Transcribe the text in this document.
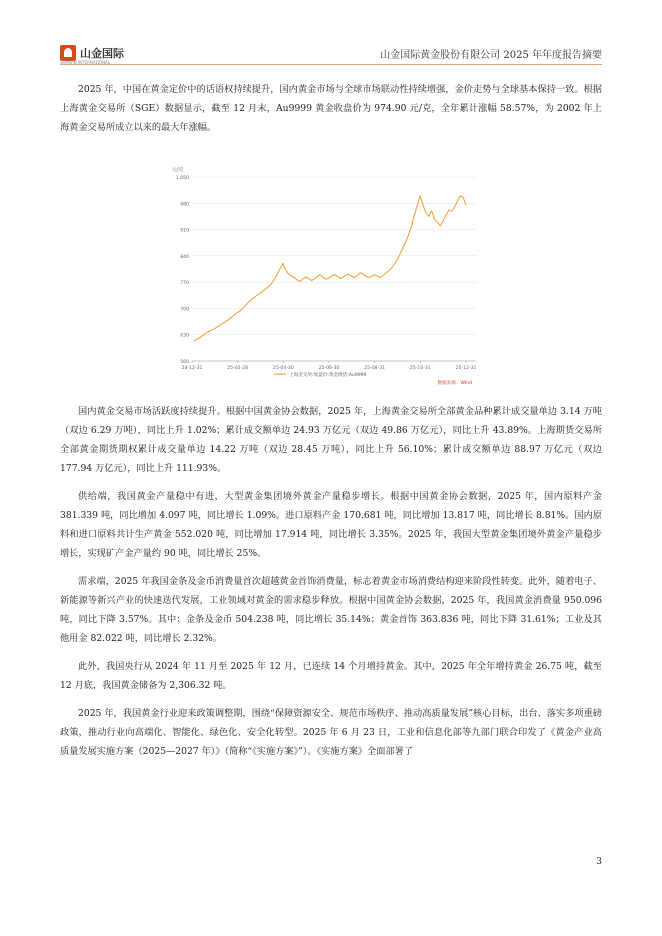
山金国际
SHANJIN INTERNATIONAL
山金国际黄金股份有限公司 2025 年年度报告摘要

2025 年，中国在黄金定价中的话语权持续提升，国内黄金市场与全球市场联动性持续增强，金价走势与全球基本保持一致。根据上海黄金交易所（SGE）数据显示，截至 12 月末，Au9999 黄金收盘价为 974.90 元/克，全年累计涨幅 58.57%，为 2002 年上海黄金交易所成立以来的最大年涨幅。

元/克
1,050
980
910
840
770
700
630
560
24-12-31	25-02-28	25-04-30	25-06-30	25-08-31	25-10-31	25-12-31
上海金交所:收盘价:黄金现货:Au9999
数据来源：Wind

国内黄金交易市场活跃度持续提升。根据中国黄金协会数据，2025 年，上海黄金交易所全部黄金品种累计成交量单边 3.14 万吨（双边 6.29 万吨），同比上升 1.02%；累计成交额单边 24.93 万亿元（双边 49.86 万亿元），同比上升 43.89%。上海期货交易所全部黄金期货期权累计成交量单边 14.22 万吨（双边 28.45 万吨），同比上升 56.10%；累计成交额单边 88.97 万亿元（双边 177.94 万亿元），同比上升 111.93%。

供给端，我国黄金产量稳中有进，大型黄金集团境外黄金产量稳步增长。根据中国黄金协会数据，2025 年，国内原料产金 381.339 吨，同比增加 4.097 吨，同比增长 1.09%。进口原料产金 170.681 吨，同比增加 13.817 吨，同比增长 8.81%。国内原料和进口原料共计生产黄金 552.020 吨，同比增加 17.914 吨，同比增长 3.35%。2025 年，我国大型黄金集团境外黄金产量稳步增长，实现矿产金产量约 90 吨，同比增长 25%。

需求端，2025 年我国金条及金币消费量首次超越黄金首饰消费量，标志着黄金市场消费结构迎来阶段性转变。此外，随着电子、新能源等新兴产业的快速迭代发展，工业领域对黄金的需求稳步释放。根据中国黄金协会数据，2025 年，我国黄金消费量 950.096 吨，同比下降 3.57%。其中：金条及金币 504.238 吨，同比增长 35.14%；黄金首饰 363.836 吨，同比下降 31.61%；工业及其他用金 82.022 吨，同比增长 2.32%。

此外，我国央行从 2024 年 11 月至 2025 年 12 月，已连续 14 个月增持黄金。其中，2025 年全年增持黄金 26.75 吨，截至 12 月底，我国黄金储备为 2,306.32 吨。

2025 年，我国黄金行业迎来政策调整期，围绕“保障资源安全、规范市场秩序、推动高质量发展”核心目标，出台、落实多项重磅政策，推动行业向高端化、智能化、绿色化、安全化转型。2025 年 6 月 23 日，工业和信息化部等九部门联合印发了《黄金产业高质量发展实施方案（2025—2027 年）》（简称“《实施方案》”）。《实施方案》全面部署了

3
